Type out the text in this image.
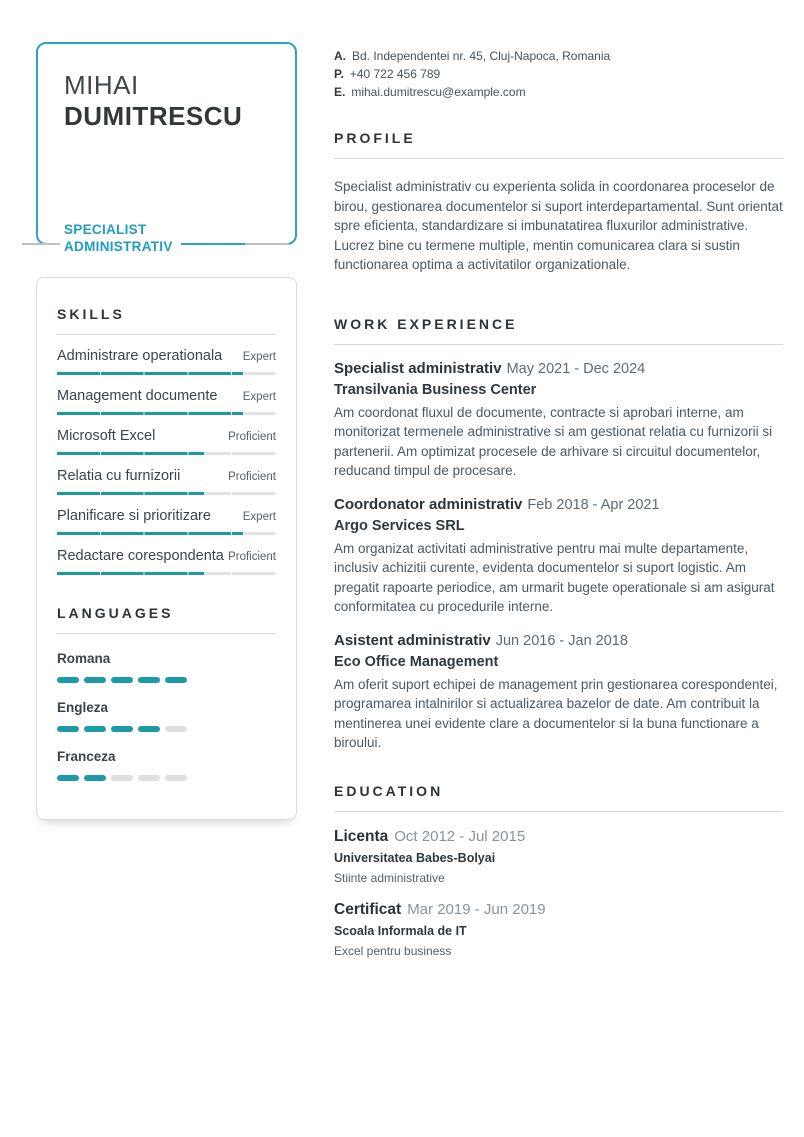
MIHAI
DUMITRESCU
SPECIALIST
ADMINISTRATIV
SKILLS
Administrare operationala Expert
Management documente Expert
Microsoft Excel	Proficient
Relatia cu furnizorii	Proficient
Planificare si prioritizare	Expert
Redactare corespondenta Proficient
LANGUAGES
Romana
Engleza
Franceza
A. Bd. Independentei nr. 45, Cluj-Napoca, Romania
P. +40 722 456 789
E. mihai.dumitrescu@example.com
PROFILE
Specialist administrativ cu experienta solida in coordonarea proceselor de birou, gestionarea documentelor si suport interdepartamental. Sunt orientat spre eficienta, standardizare si imbunatatirea fluxurilor administrative. Lucrez bine cu termene multiple, mentin comunicarea clara si sustin functionarea optima a activitatilor organizationale.
WORK EXPERIENCE
Specialist administrativ May 2021 - Dec 2024
Transilvania Business Center
Am coordonat fluxul de documente, contracte si aprobari interne, am monitorizat termenele administrative si am gestionat relatia cu furnizorii si partenerii. Am optimizat procesele de arhivare si circuitul documentelor, reducand timpul de procesare.
Coordonator administrativ Feb 2018 - Apr 2021
Argo Services SRL
Am organizat activitati administrative pentru mai multe departamente, inclusiv achizitii curente, evidenta documentelor si suport logistic. Am pregatit rapoarte periodice, am urmarit bugete operationale si am asigurat conformitatea cu procedurile interne.
Asistent administrativ Jun 2016 - Jan 2018
Eco Office Management
Am oferit suport echipei de management prin gestionarea corespondentei, programarea intalnirilor si actualizarea bazelor de date. Am contribuit la mentinerea unei evidente clare a documentelor si la buna functionare a biroului.
EDUCATION
Licenta Oct 2012 - Jul 2015
Universitatea Babes-Bolyai
Stiinte administrative
Certificat Mar 2019 - Jun 2019
Scoala Informala de IT
Excel pentru business
